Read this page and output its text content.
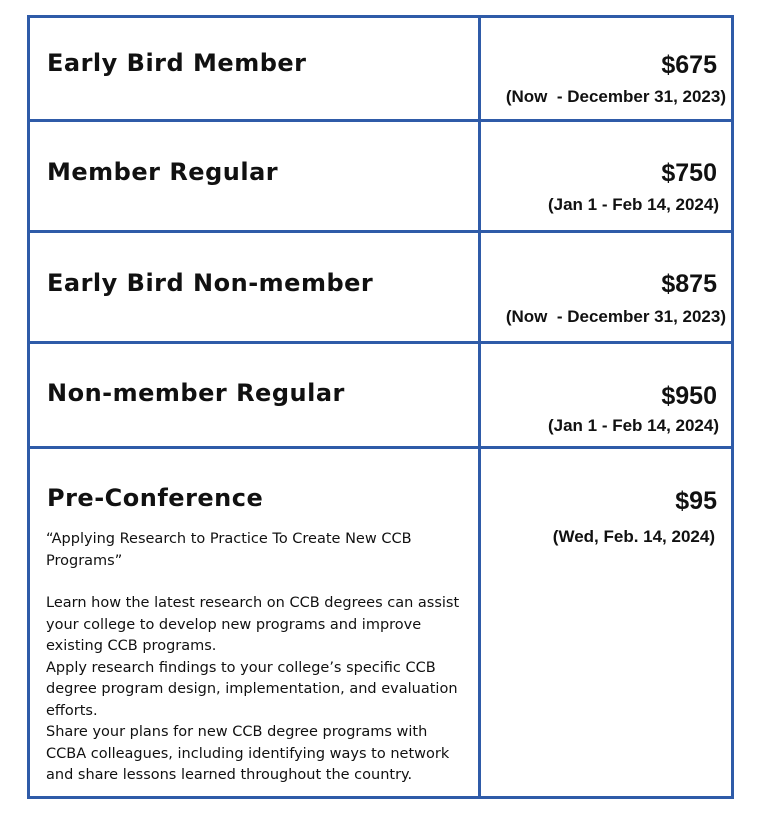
Early Bird Member	$675
(Now  - December 31, 2023)
Member Regular	$750
(Jan 1 - Feb 14, 2024)
Early Bird Non-member	$875
(Now  - December 31, 2023)
Non-member Regular	$950
(Jan 1 - Feb 14, 2024)
Pre-Conference	$95
(Wed, Feb. 14, 2024)

“Applying Research to Practice To Create New CCB Programs”

Learn how the latest research on CCB degrees can assist your college to develop new programs and improve existing CCB programs.

Apply research findings to your college’s specific CCB degree program design, implementation, and evaluation efforts.

Share your plans for new CCB degree programs with CCBA colleagues, including identifying ways to network and share lessons learned throughout the country.
